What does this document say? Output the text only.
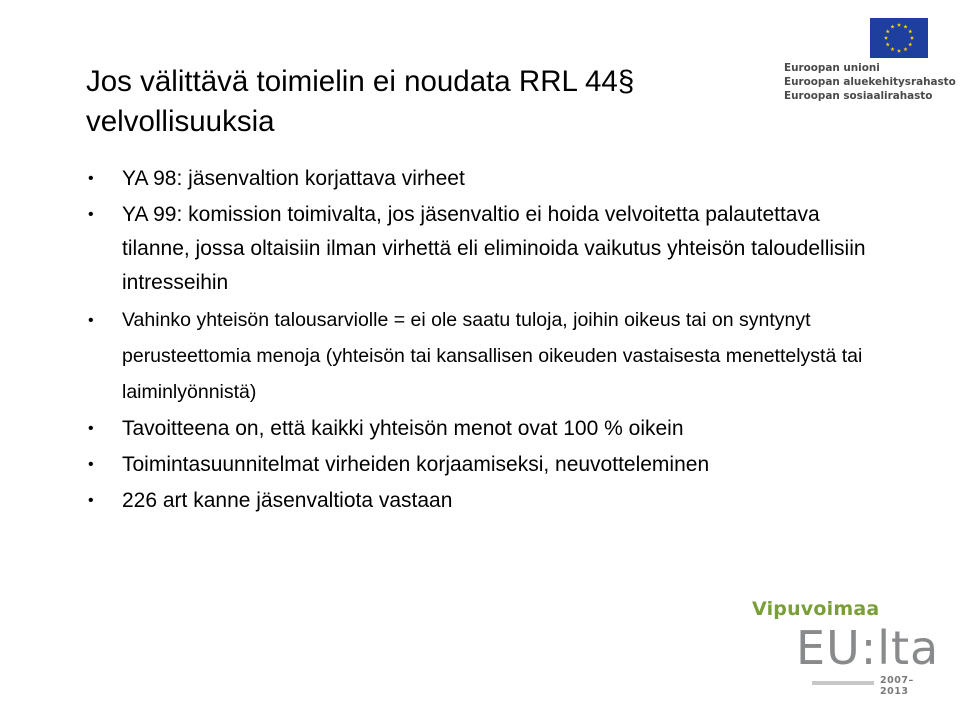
Jos välittävä toimielin ei noudata RRL 44§ velvollisuuksia
Euroopan unioni
Euroopan aluekehitysrahasto
Euroopan sosiaalirahasto
• YA 98: jäsenvaltion korjattava virheet
• YA 99: komission toimivalta, jos jäsenvaltio ei hoida velvoitetta palautettava tilanne, jossa oltaisiin ilman virhettä eli eliminoida vaikutus yhteisön taloudellisiin intresseihin
• Vahinko yhteisön talousarviolle = ei ole saatu tuloja, joihin oikeus tai on syntynyt perusteettomia menoja (yhteisön tai kansallisen oikeuden vastaisesta menettelystä tai laiminlyönnistä)
• Tavoitteena on, että kaikki yhteisön menot ovat 100 % oikein
• Toimintasuunnitelmat virheiden korjaamiseksi, neuvotteleminen
• 226 art kanne jäsenvaltiota vastaan
Vipuvoimaa
EU:lta
2007–2013
